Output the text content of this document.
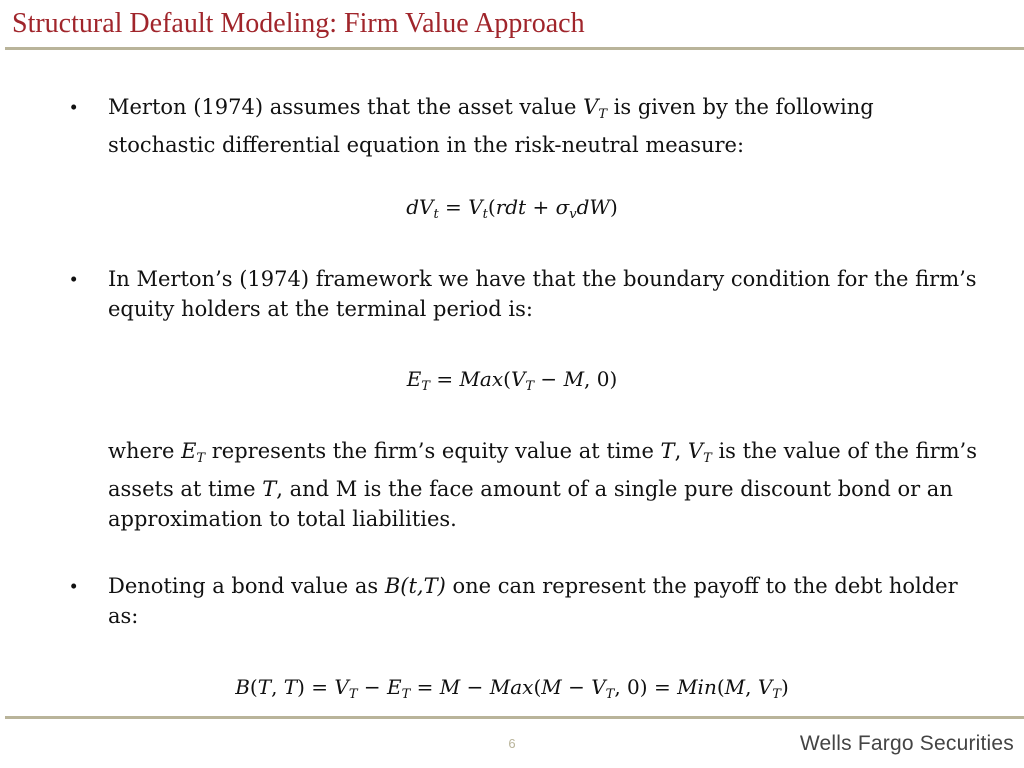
Structural Default Modeling: Firm Value Approach
• Merton (1974) assumes that the asset value $V_T$ is given by the following stochastic differential equation in the risk-neutral measure:
$dV_t = V_t(rdt + \sigma_vdW)$
• In Merton’s (1974) framework we have that the boundary condition for the firm’s equity holders at the terminal period is:
$E_T = Max(V_T - M$, 0)
where $E_T$ represents the firm’s equity value at time T, $V_T$ is the value of the firm’s assets at time T, and M is the face amount of a single pure discount bond or an approximation to total liabilities.
• Denoting a bond value as B(t,T) one can represent the payoff to the debt holder as:
B(T, $T) = V_T - E_T = M - Max(M - V_T$, 0) = Min(M, $V_T$)
6	Wells Fargo Securities
